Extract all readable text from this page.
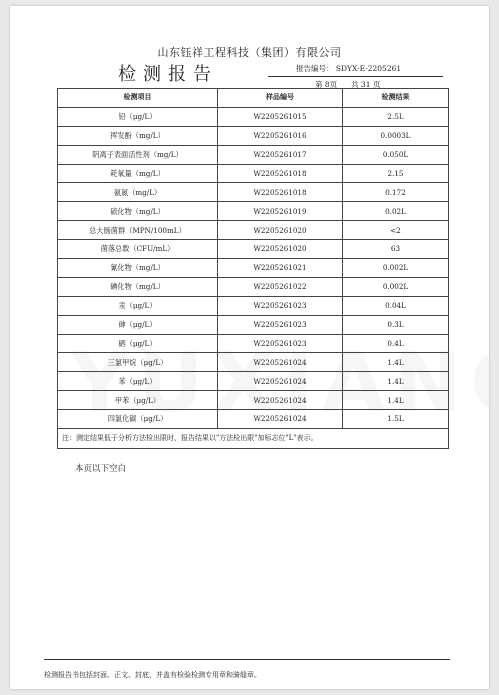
山东钰祥工程科技（集团）有限公司
检测报告	报告编号： SDYX-E-2205261
第 8页 共 31 页
检测项目	样品编号	检测结果
铅（μg/L）	W2205261015	2.5L
挥发酚（mg/L）	W2205261016	0.0003L
阴离子表面活性剂（mg/L）	W2205261017	0.050L
耗氧量（mg/L）	W2205261018	2.15
氨氮（mg/L）	W2205261018	0.172
硫化物（mg/L）	W2205261019	0.02L
总大肠菌群（MPN/100mL）	W2205261020	<2
菌落总数（CFU/mL）	W2205261020	63
氰化物（mg/L）	W2205261021	0.002L
碘化物（mg/L）	W2205261022	0.002L
汞（μg/L）	W2205261023	0.04L
砷（μg/L）	W2205261023	0.3L
硒（μg/L）	W2205261023	0.4L
三氯甲烷（μg/L）	W2205261024	1.4L
苯（μg/L）	W2205261024	1.4L
甲苯（μg/L）	W2205261024	1.4L
四氯化碳（μg/L）	W2205261024	1.5L
注：测定结果低于分析方法检出限时，报告结果以"方法检出限"加标志位"L"表示。		
本页以下空白
检测报告书包括封面、正文、封底，并盖有检验检测专用章和骑缝章。
